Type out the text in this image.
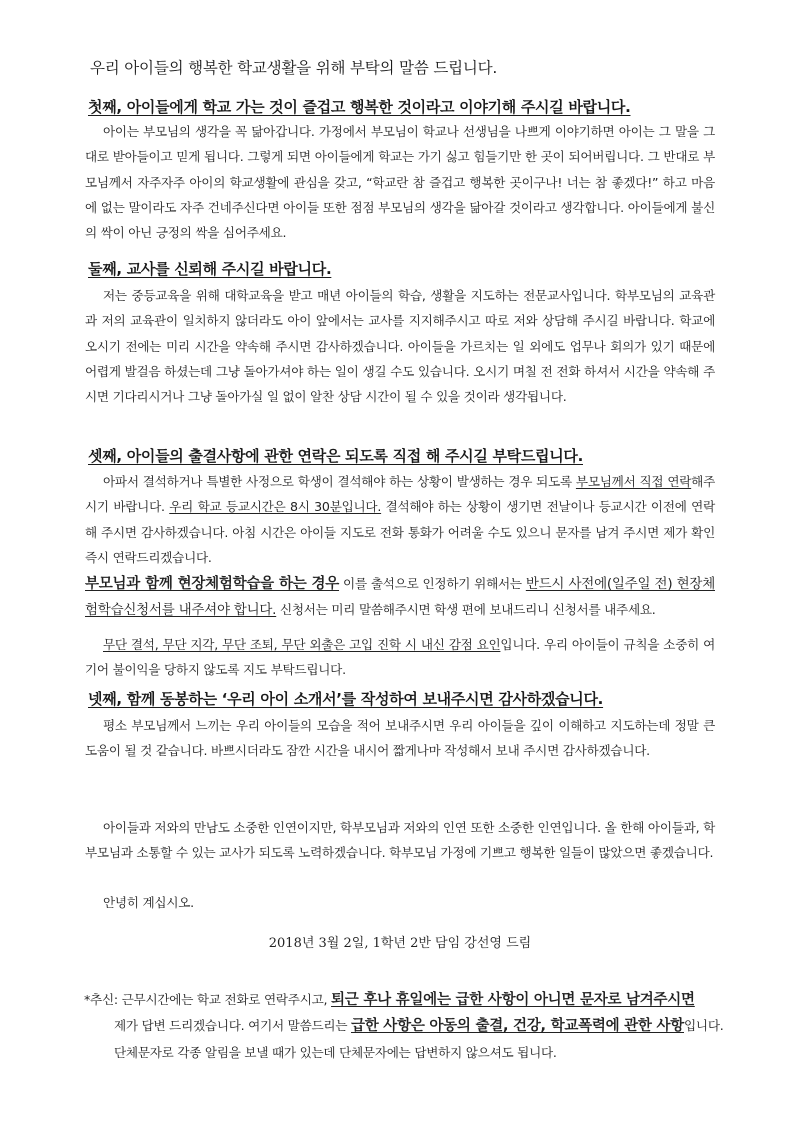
우리 아이들의 행복한 학교생활을 위해 부탁의 말씀 드립니다.
첫째, 아이들에게 학교 가는 것이 즐겁고 행복한 것이라고 이야기해 주시길 바랍니다.
아이는 부모님의 생각을 꼭 닮아갑니다. 가정에서 부모님이 학교나 선생님을 나쁘게 이야기하면 아이는 그 말을 그대로 받아들이고 믿게 됩니다. 그렇게 되면 아이들에게 학교는 가기 싫고 힘들기만 한 곳이 되어버립니다. 그 반대로 부모님께서 자주자주 아이의 학교생활에 관심을 갖고, “학교란 참 즐겁고 행복한 곳이구나! 너는 참 좋겠다!” 하고 마음에 없는 말이라도 자주 건네주신다면 아이들 또한 점점 부모님의 생각을 닮아갈 것이라고 생각합니다. 아이들에게 불신의 싹이 아닌 긍정의 싹을 심어주세요.
둘째, 교사를 신뢰해 주시길 바랍니다.
저는 중등교육을 위해 대학교육을 받고 매년 아이들의 학습, 생활을 지도하는 전문교사입니다. 학부모님의 교육관과 저의 교육관이 일치하지 않더라도 아이 앞에서는 교사를 지지해주시고 따로 저와 상담해 주시길 바랍니다. 학교에 오시기 전에는 미리 시간을 약속해 주시면 감사하겠습니다. 아이들을 가르치는 일 외에도 업무나 회의가 있기 때문에 어렵게 발걸음 하셨는데 그냥 돌아가셔야 하는 일이 생길 수도 있습니다. 오시기 며칠 전 전화 하셔서 시간을 약속해 주시면 기다리시거나 그냥 돌아가실 일 없이 알찬 상담 시간이 될 수 있을 것이라 생각됩니다.
셋째, 아이들의 출결사항에 관한 연락은 되도록 직접 해 주시길 부탁드립니다.
아파서 결석하거나 특별한 사정으로 학생이 결석해야 하는 상황이 발생하는 경우 되도록 부모님께서 직접 연락해주시기 바랍니다. 우리 학교 등교시간은 8시 30분입니다. 결석해야 하는 상황이 생기면 전날이나 등교시간 이전에 연락해 주시면 감사하겠습니다. 아침 시간은 아이들 지도로 전화 통화가 어려울 수도 있으니 문자를 남겨 주시면 제가 확인 즉시 연락드리겠습니다.
부모님과 함께 현장체험학습을 하는 경우 이를 출석으로 인정하기 위해서는 반드시 사전에(일주일 전) 현장체험학습신청서를 내주셔야 합니다. 신청서는 미리 말씀해주시면 학생 편에 보내드리니 신청서를 내주세요.
무단 결석, 무단 지각, 무단 조퇴, 무단 외출은 고입 진학 시 내신 감점 요인입니다. 우리 아이들이 규칙을 소중히 여기어 불이익을 당하지 않도록 지도 부탁드립니다.
넷째, 함께 동봉하는 ‘우리 아이 소개서’를 작성하여 보내주시면 감사하겠습니다.
평소 부모님께서 느끼는 우리 아이들의 모습을 적어 보내주시면 우리 아이들을 깊이 이해하고 지도하는데 정말 큰 도움이 될 것 같습니다. 바쁘시더라도 잠깐 시간을 내시어 짧게나마 작성해서 보내 주시면 감사하겠습니다.
아이들과 저와의 만남도 소중한 인연이지만, 학부모님과 저와의 인연 또한 소중한 인연입니다. 올 한해 아이들과, 학부모님과 소통할 수 있는 교사가 되도록 노력하겠습니다. 학부모님 가정에 기쁘고 행복한 일들이 많았으면 좋겠습니다.
안녕히 계십시오.
2018년 3월 2일, 1학년 2반 담임 강선영 드림
*추신: 근무시간에는 학교 전화로 연락주시고, 퇴근 후나 휴일에는 급한 사항이 아니면 문자로 남겨주시면
제가 답변 드리겠습니다. 여기서 말씀드리는 급한 사항은 아동의 출결, 건강, 학교폭력에 관한 사항입니다. 단체문자로 각종 알림을 보낼 때가 있는데 단체문자에는 답변하지 않으셔도 됩니다.
